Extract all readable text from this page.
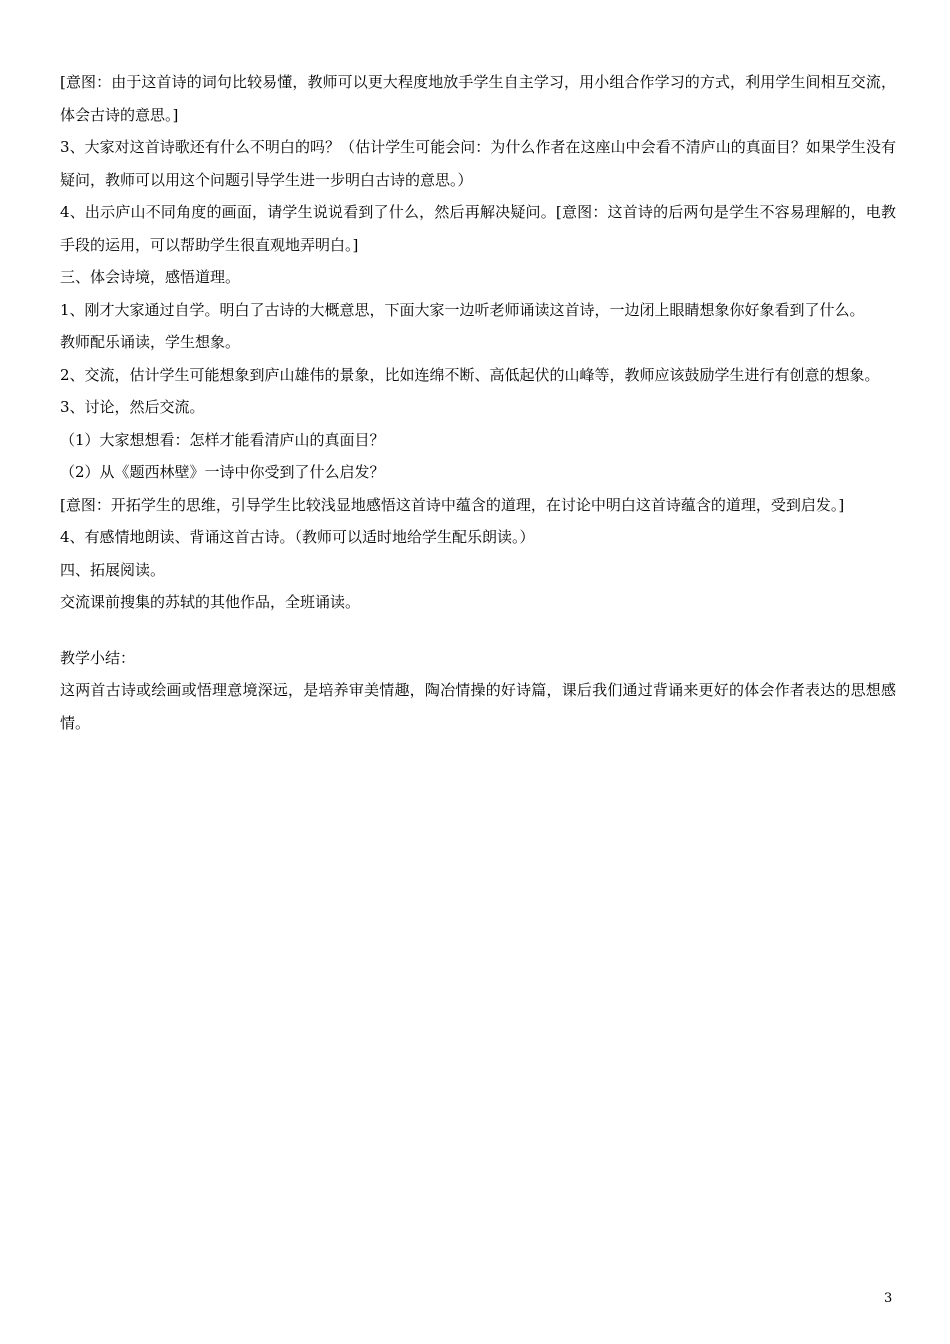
[意图：由于这首诗的词句比较易懂，教师可以更大程度地放手学生自主学习，用小组合作学习的方式，利用学生间相互交流，体会古诗的意思。]

3、大家对这首诗歌还有什么不明白的吗？（估计学生可能会问：为什么作者在这座山中会看不清庐山的真面目？如果学生没有疑问，教师可以用这个问题引导学生进一步明白古诗的意思。）

4、出示庐山不同角度的画面，请学生说说看到了什么，然后再解决疑问。[意图：这首诗的后两句是学生不容易理解的，电教手段的运用，可以帮助学生很直观地弄明白。]

三、体会诗境，感悟道理。

1、刚才大家通过自学。明白了古诗的大概意思，下面大家一边听老师诵读这首诗，一边闭上眼睛想象你好象看到了什么。

教师配乐诵读，学生想象。

2、交流，估计学生可能想象到庐山雄伟的景象，比如连绵不断、高低起伏的山峰等，教师应该鼓励学生进行有创意的想象。

3、讨论，然后交流。

（1）大家想想看：怎样才能看清庐山的真面目？

（2）从《题西林壁》一诗中你受到了什么启发？

[意图：开拓学生的思维，引导学生比较浅显地感悟这首诗中蕴含的道理，在讨论中明白这首诗蕴含的道理，受到启发。]

4、有感情地朗读、背诵这首古诗。（教师可以适时地给学生配乐朗读。）

四、拓展阅读。

交流课前搜集的苏轼的其他作品，全班诵读。

教学小结：

这两首古诗或绘画或悟理意境深远，是培养审美情趣，陶冶情操的好诗篇，课后我们通过背诵来更好的体会作者表达的思想感情。

3
